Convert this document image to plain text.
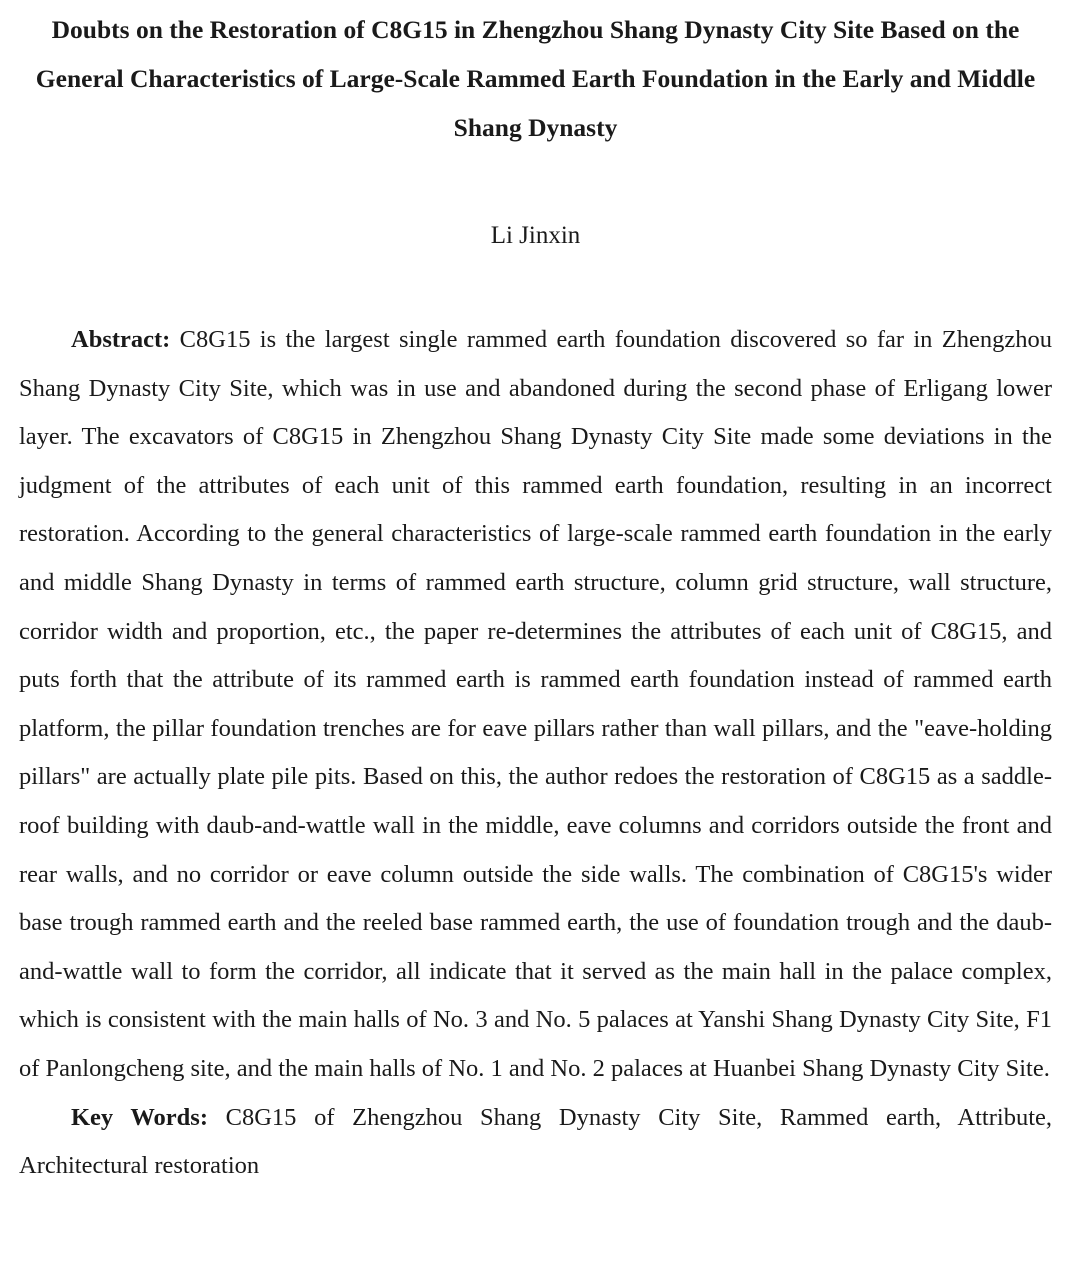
Doubts on the Restoration of C8G15 in Zhengzhou Shang Dynasty City Site Based on the General Characteristics of Large-Scale Rammed Earth Foundation in the Early and Middle Shang Dynasty

Li Jinxin

Abstract: C8G15 is the largest single rammed earth foundation discovered so far in Zhengzhou Shang Dynasty City Site, which was in use and abandoned during the second phase of Erligang lower layer. The excavators of C8G15 in Zhengzhou Shang Dynasty City Site made some deviations in the judgment of the attributes of each unit of this rammed earth foundation, resulting in an incorrect restoration. According to the general characteristics of large-scale rammed earth foundation in the early and middle Shang Dynasty in terms of rammed earth structure, column grid structure, wall structure, corridor width and proportion, etc., the paper re-determines the attributes of each unit of C8G15, and puts forth that the attribute of its rammed earth is rammed earth foundation instead of rammed earth platform, the pillar foundation trenches are for eave pillars rather than wall pillars, and the "eave-holding pillars" are actually plate pile pits. Based on this, the author redoes the restoration of C8G15 as a saddle-roof building with daub-and-wattle wall in the middle, eave columns and corridors outside the front and rear walls, and no corridor or eave column outside the side walls. The combination of C8G15's wider base trough rammed earth and the reeled base rammed earth, the use of foundation trough and the daub-and-wattle wall to form the corridor, all indicate that it served as the main hall in the palace complex, which is consistent with the main halls of No. 3 and No. 5 palaces at Yanshi Shang Dynasty City Site, F1 of Panlongcheng site, and the main halls of No. 1 and No. 2 palaces at Huanbei Shang Dynasty City Site.

Key Words: C8G15 of Zhengzhou Shang Dynasty City Site, Rammed earth, Attribute, Architectural restoration
